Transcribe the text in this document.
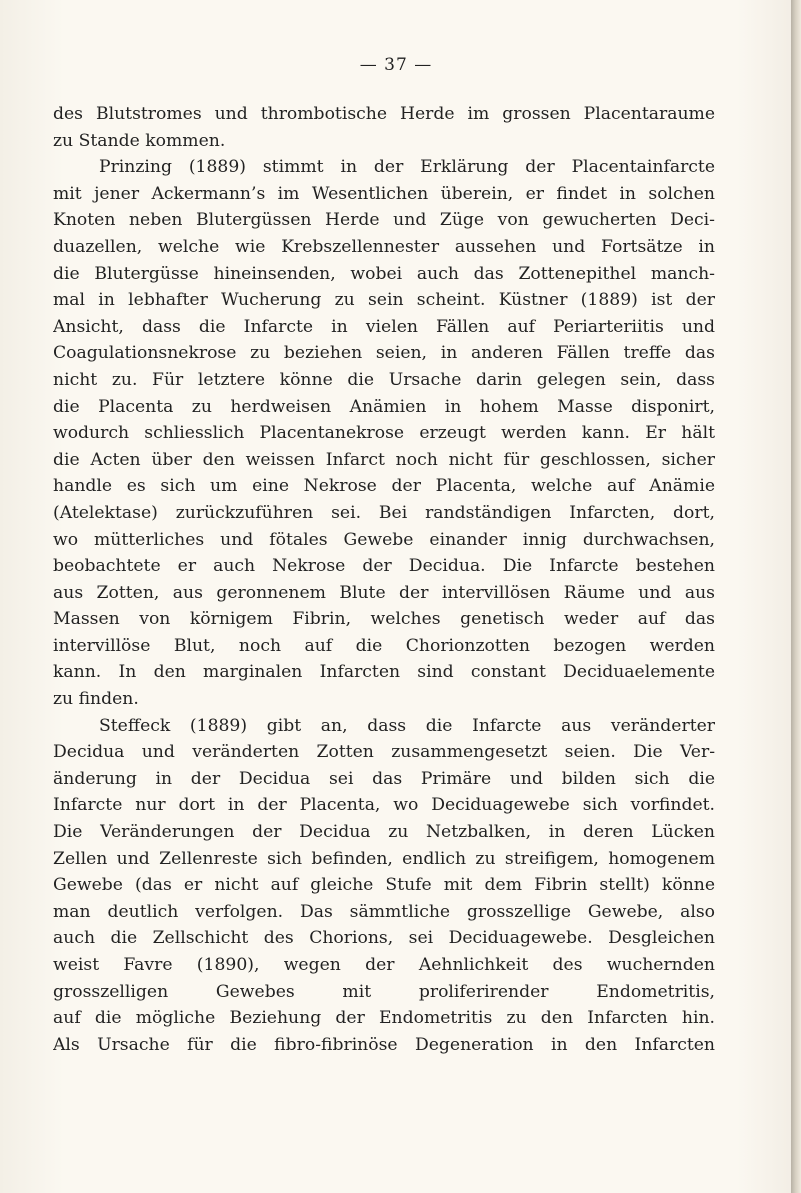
— 37 —
des Blutstromes und thrombotische Herde im grossen Placentaraume
zu Stande kommen.
Prinzing (1889) stimmt in der Erklärung der Placentainfarcte
mit jener Ackermann’s im Wesentlichen überein, er findet in solchen
Knoten neben Blutergüssen Herde und Züge von gewucherten Deci-
duazellen, welche wie Krebszellennester aussehen und Fortsätze in
die Blutergüsse hineinsenden, wobei auch das Zottenepithel manch-
mal in lebhafter Wucherung zu sein scheint. Küstner (1889) ist der
Ansicht, dass die Infarcte in vielen Fällen auf Periarteriitis und
Coagulationsnekrose zu beziehen seien, in anderen Fällen treffe das
nicht zu. Für letztere könne die Ursache darin gelegen sein, dass
die Placenta zu herdweisen Anämien in hohem Masse disponirt,
wodurch schliesslich Placentanekrose erzeugt werden kann. Er hält
die Acten über den weissen Infarct noch nicht für geschlossen, sicher
handle es sich um eine Nekrose der Placenta, welche auf Anämie
(Atelektase) zurückzuführen sei. Bei randständigen Infarcten, dort,
wo mütterliches und fötales Gewebe einander innig durchwachsen,
beobachtete er auch Nekrose der Decidua. Die Infarcte bestehen
aus Zotten, aus geronnenem Blute der intervillösen Räume und aus
Massen von körnigem Fibrin, welches genetisch weder auf das
intervillöse Blut, noch auf die Chorionzotten bezogen werden
kann. In den marginalen Infarcten sind constant Deciduaelemente
zu finden.
Steffeck (1889) gibt an, dass die Infarcte aus veränderter
Decidua und veränderten Zotten zusammengesetzt seien. Die Ver-
änderung in der Decidua sei das Primäre und bilden sich die
Infarcte nur dort in der Placenta, wo Deciduagewebe sich vorfindet.
Die Veränderungen der Decidua zu Netzbalken, in deren Lücken
Zellen und Zellenreste sich befinden, endlich zu streifigem, homogenem
Gewebe (das er nicht auf gleiche Stufe mit dem Fibrin stellt) könne
man deutlich verfolgen. Das sämmtliche grosszellige Gewebe, also
auch die Zellschicht des Chorions, sei Deciduagewebe. Desgleichen
weist Favre (1890), wegen der Aehnlichkeit des wuchernden
grosszelligen Gewebes mit proliferirender Endometritis,
auf die mögliche Beziehung der Endometritis zu den Infarcten hin.
Als Ursache für die fibro-fibrinöse Degeneration in den Infarcten
